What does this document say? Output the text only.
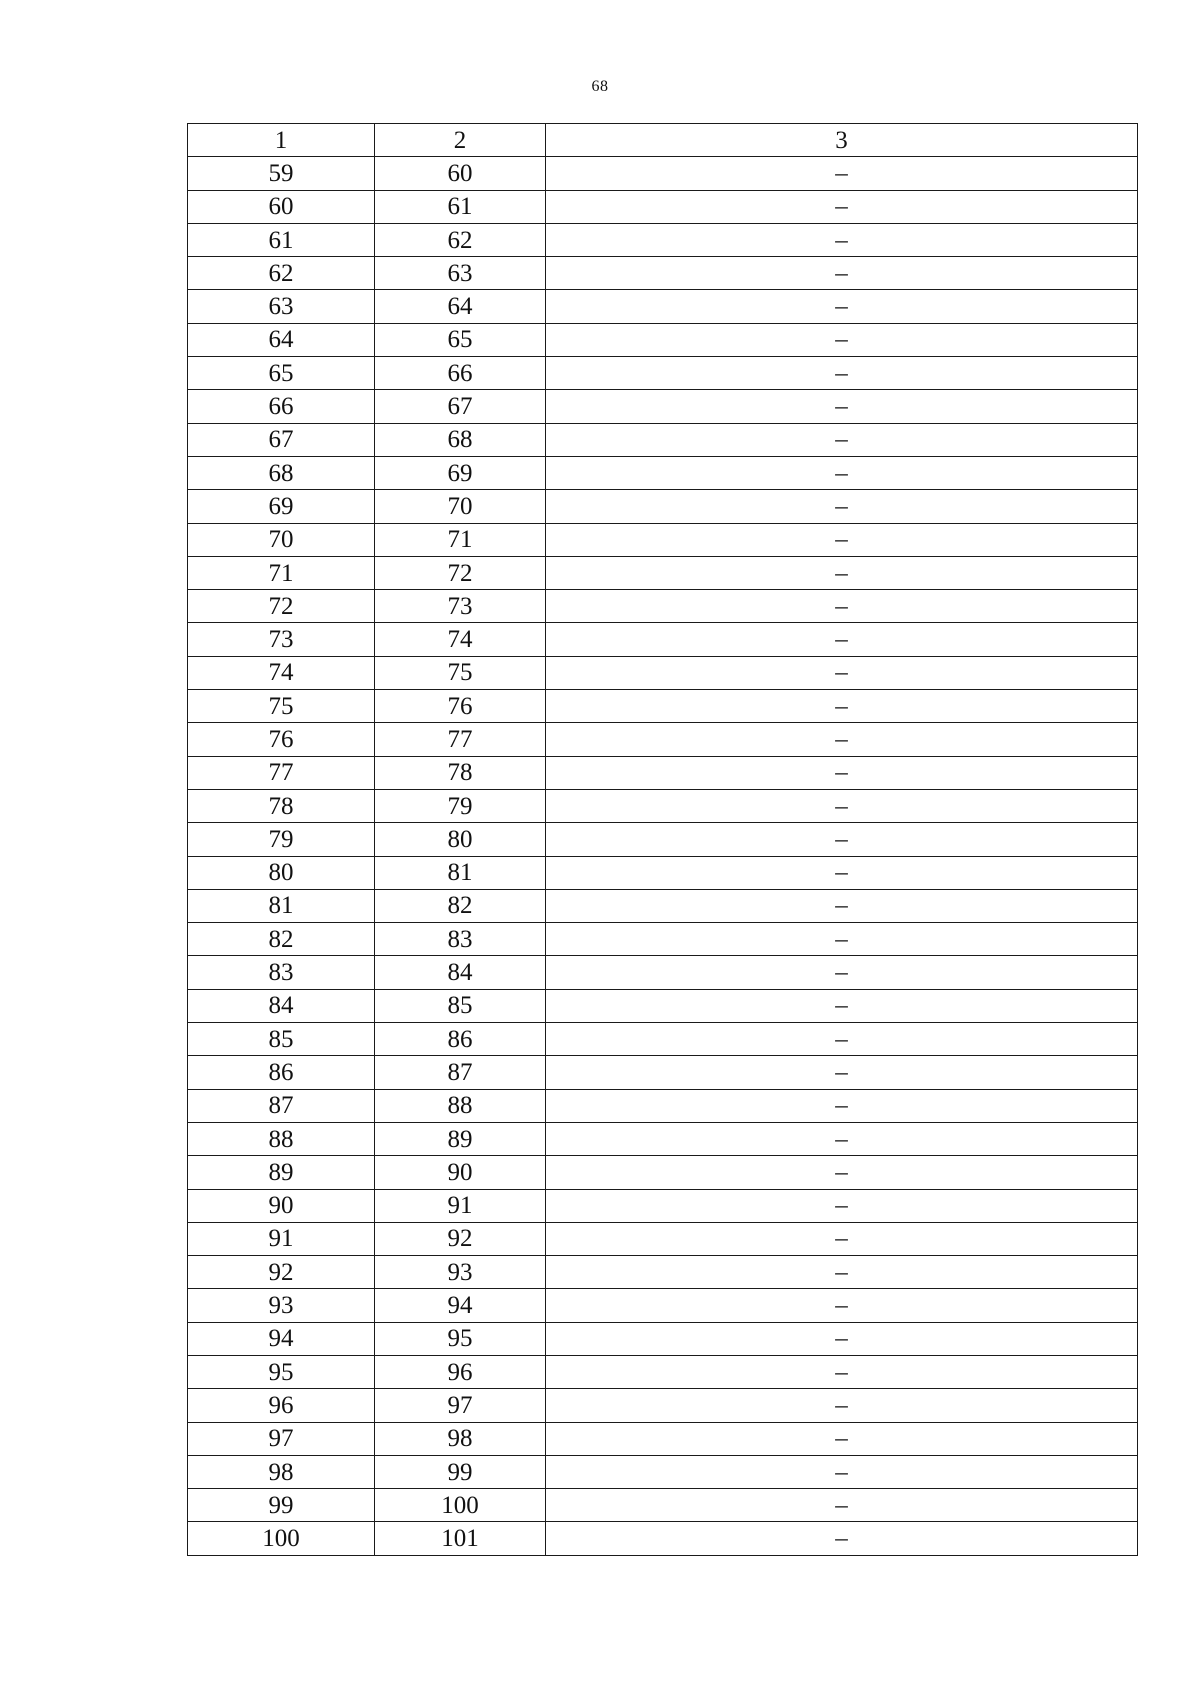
68
1	2	3
59	60	–
60	61	–
61	62	–
62	63	–
63	64	–
64	65	–
65	66	–
66	67	–
67	68	–
68	69	–
69	70	–
70	71	–
71	72	–
72	73	–
73	74	–
74	75	–
75	76	–
76	77	–
77	78	–
78	79	–
79	80	–
80	81	–
81	82	–
82	83	–
83	84	–
84	85	–
85	86	–
86	87	–
87	88	–
88	89	–
89	90	–
90	91	–
91	92	–
92	93	–
93	94	–
94	95	–
95	96	–
96	97	–
97	98	–
98	99	–
99	100	–
100	101	–
